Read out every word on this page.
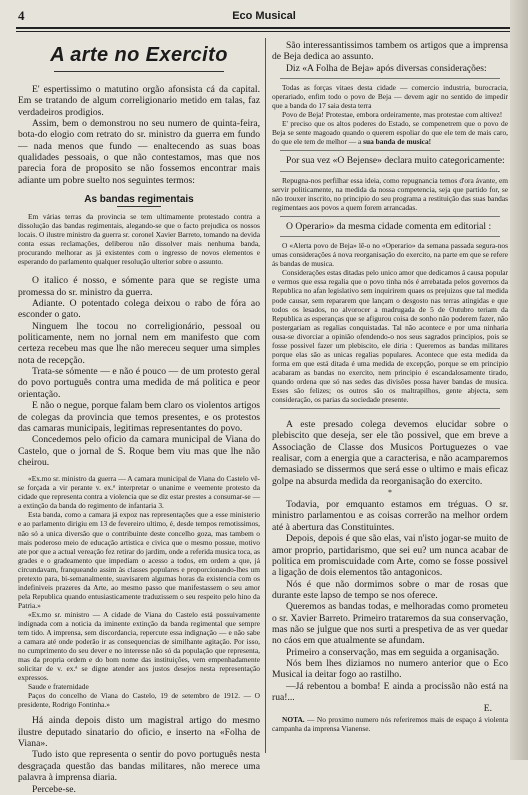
4	Eco Musical
A arte no Exercito

E' espertissimo o matutino orgão afonsista cá da capital. Em se tratando de algum correligionario metido em talas, faz verdadeiros prodigios.

Assim, bem o demonstrou no seu numero de quinta-feira, bota-do elogio com retrato do sr. ministro da guerra em fundo — nada menos que fundo — enaltecendo as suas boas qualidades pessoais, o que não contestamos, mas que nos parecia fora de proposito se não fossemos encontrar mais adiante um pobre suelto nos seguintes termos:

As bandas regimentais

Em várias terras da provincia se tem ultimamente protestado contra a dissolução das bandas regimentais, alegando-se que o facto prejudica os nossos locais. O ilustre ministro da guerra sr. coronel Xavier Barreto, tomando na devida conta essas reclamações, deliberou não dissolver mais nenhuma banda, procurando melhorar as já existentes com o ingresso de novos elementos e esperando do parlamento qualquer resolução ulterior sobre o assunto.

O italico é nosso, e sómente para que se registe uma promessa do sr. ministro da guerra.

Adiante. O potentado colega deixou o rabo de fóra ao esconder o gato.

Ninguem lhe tocou no correligionário, pessoal ou politicamente, nem no jornal nem em manifesto que com certeza recebeu mas que lhe não mereceu sequer uma simples nota de recepção.

Trata-se sómente — e não é pouco — de um protesto geral do povo português contra uma medida de má politica e peor orientação.

E não o negue, porque falam bem claro os violentos artigos de colegas da provincia que temos presentes, e os protestos das camaras municipais, legitimas representantes do povo.

Concedemos pelo oficio da camara municipal de Viana do Castelo, que o jornal de S. Roque bem viu mas que lhe não cheirou.

«Ex.mo sr. ministro da guerra — A camara municipal de Viana do Castelo vê-se forçada a vir perante v. ex.ª interpretar o unanime e veemente protesto da cidade que representa contra a violencia que se diz estar prestes a consumar-se — a extinção da banda do regimento de infantaria 3.

Esta banda, como a camara já expoz nas representações que a esse ministerio e ao parlamento dirigiu em 13 de fevereiro ultimo, é, desde tempos remotissimos, não só a unica diversão que o contribuinte deste concelho goza, mas tambem o mais poderoso meio de educação artistica e civica que o mesmo possue, motivo ate por que a actual vereação fez retirar do jardim, onde a referida musica toca, as grades e o gradeamento que impediam o acesso a todos, em ordem a que, já circundavam, franqueando assim às classes populares e proporcionando-lhes um pretexto para, bi-semanalmente, suavisarem algumas horas da existencia com os indefiniveis prazeres da Arte, ao mesmo passo que manifestassem o seu amor pela Republica quando entusiasticamente traduzissem o seu respeito pelo hino da Patria.»

«Ex.mo sr. ministro — A cidade de Viana do Castelo está possuivamente indignada com a noticia da iminente extinção da banda regimental que sempre tem tido. A imprensa, sem discordancia, repercute essa indignação — e não sabe a camara até onde poderão ir as consequencias de similhante agitação. Por isso, no cumprimento do seu dever e no interesse não só da população que representa, mas da propria ordem e do bom nome das instituições, vem empenhadamente solicitar de v. ex.ª se digne atender aos justos desejos nesta representação expressos.

Saude e fraternidade

Paços do concelho de Viana do Castelo, 19 de setembro de 1912. — O presidente, Rodrigo Fontinha.»

Há ainda depois disto um magistral artigo do mesmo ilustre deputado sinatario do oficio, e inserto na «Folha de Viana».

Tudo isto que representa o sentir do povo português nesta desgraçada questão das bandas militares, não merece uma palavra à imprensa diaria.

Percebe-se.

São interessantissimos tambem os artigos que a imprensa de Beja dedica ao assunto.

Diz «A Folha de Beja» após diversas considerações:

Todas as forças vitaes desta cidade — comercio industria, burocracia, operariado, enfim todo o povo de Beja — devem agir no sentido de impedir que a banda do 17 saia desta terra

Povo de Beja! Protestae, embora ordeiramente, mas protestae com altivez!

E' preciso que os altos poderes do Estado, se compenetrem que o povo de Beja se sente magoado quando o querem espoliar do que ele tem de mais caro, do que ele tem de melhor — a sua banda de musica!

Por sua vez «O Bejense» declara muito categoricamente:

Repugna-nos perfilhar essa ideia, como repugnancia temos d'ora ávante, em servir politicamente, na medida da nossa competencia, seja que partido for, se não trouxer inscrito, no principio do seu programa a restituição das suas bandas regimentaes aos povos a quem forem arrancadas.

O Operario» da mesma cidade comenta em editorial :

O «Alerta povo de Beja» lê-o no «Operario» da semana passada segura-nos umas considerações á nova reorganisação do exercito, na parte em que se refere ás bandas de musica.

Considerações estas ditadas pelo unico amor que dedicamos á causa popular e vermos que essa regalia que o povo tinha nós é arrebatada pelos governos da Republica no afan legislativo sem inquirirem quaes os prejuizos que tal medida pode causar, sem repararem que lançam o desgosto nas terras atingidas e que todos os lesados, no alvorocer a madrugada de 5 de Outubro teriam da Republica as esperanças que se afigurou coisa de sonho não poderem fazer, não postergariam as regalias conquistadas. Tal não acontece e por uma ninharia ousa-se divorciar a opinião ofendendo-o nos seus sagrados principios, pois se fosse possivel fazer um plebiscito, ele diria : Queremos as bandas militares porque elas são as unicas regalias populares. Acontece que esta medida da forma em que está ditada é uma medida de excepção, porque se em principio acabaram as bandas no exercito, nem principio é escandalosamente tirado, quando ordena que só nas sedes das divisões possa haver bandas de musica. Esses são felizes; os outros são os maltrapilhos, gente abjecta, sem consideração, os parias da sociedade presente.

A este presado colega devemos elucidar sobre o plebiscito que deseja, ser ele tão possivel, que em breve a Associação de Classe dos Musicos Portuguezes o vae realisar, com a energia que a caracterisa, e não acamparemos demasiado se dissermos que será esse o ultimo e mais eficaz golpe na absurda medida da reorganisação do exercito.

*

Todavia, por emquanto estamos em tréguas. O sr. ministro parlamentou e as coisas correrão na melhor ordem até à abertura das Constituintes.

Depois, depois é que são elas, vai n'isto jogar-se muito de amor proprio, partidarismo, que sei eu? um nunca acabar de politica em promiscuidade com Arte, como se fosse possivel a ligação de dois elementos tão antagonicos.

Nós é que não dormimos sobre o mar de rosas que durante este lapso de tempo se nos oferece.

Queremos as bandas todas, e melhoradas como prometeu o sr. Xavier Barreto. Primeiro trataremos da sua conservação, mas não se julgue que nos surti a prespetiva de as ver quedar no cáos em que atualmente se afundam.

Primeiro a conservação, mas em seguida a organisação.

Nós bem lhes diziamos no numero anterior que o Eco Musical ia deitar fogo ao rastilho.

—Já rebentou a bomba! E ainda a procissão não está na rua!...

E.

NOTA. — No proximo numero nós referiremos mais de espaço á violenta campanha da imprensa Vianense.
